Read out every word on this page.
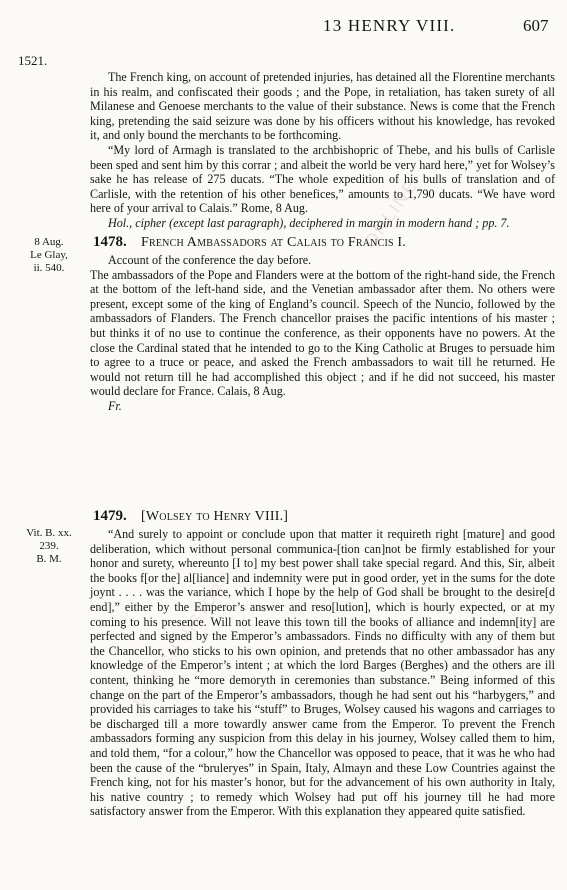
13 HENRY VIII.	607
ONLINE
BRITISH HISTORY
1521.

The French king, on account of pretended injuries, has detained all the Florentine merchants in his realm, and confiscated their goods ; and the Pope, in retaliation, has taken surety of all Milanese and Genoese merchants to the value of their substance. News is come that the French king, pretending the said seizure was done by his officers without his knowledge, has revoked it, and only bound the merchants to be forthcoming.

“My lord of Armagh is translated to the archbishopric of Thebe, and his bulls of Carlisle been sped and sent him by this corrar ; and albeit the world be very hard here,” yet for Wolsey’s sake he has release of 275 ducats. “The whole expedition of his bulls of translation and of Carlisle, with the retention of his other benefices,” amounts to 1,790 ducats. “We have word here of your arrival to Calais.” Rome, 8 Aug.

Hol., cipher (except last paragraph), deciphered in margin in modern hand ; pp. 7.

8 Aug.
Le Glay,
ii. 540.
1478. French Ambassadors at Calais to Francis I.

Account of the conference the day before.

The ambassadors of the Pope and Flanders were at the bottom of the right-hand side, the French at the bottom of the left-hand side, and the Venetian ambassador after them. No others were present, except some of the king of England’s council. Speech of the Nuncio, followed by the ambassadors of Flanders. The French chancellor praises the pacific intentions of his master ; but thinks it of no use to continue the conference, as their opponents have no powers. At the close the Cardinal stated that he intended to go to the King Catholic at Bruges to persuade him to agree to a truce or peace, and asked the French ambassadors to wait till he returned. He would not return till he had accomplished this object ; and if he did not succeed, his master would declare for France. Calais, 8 Aug.

Fr.

Vit. B. xx.
239.
B. M.
1479. [Wolsey to Henry VIII.]

“And surely to appoint or conclude upon that matter it requireth right [mature] and good deliberation, which without personal communica-[tion can]not be firmly established for your honor and surety, whereunto [I to] my best power shall take special regard. And this, Sir, albeit the books f[or the] al[liance] and indemnity were put in good order, yet in the sums for the dote joynt . . . . was the variance, which I hope by the help of God shall be brought to the desire[d end],” either by the Emperor’s answer and reso[lution], which is hourly expected, or at my coming to his presence. Will not leave this town till the books of alliance and indemn[ity] are perfected and signed by the Emperor’s ambassadors. Finds no difficulty with any of them but the Chancellor, who sticks to his own opinion, and pretends that no other ambassador has any knowledge of the Emperor’s intent ; at which the lord Barges (Berghes) and the others are ill content, thinking he “more demoryth in ceremonies than substance.” Being informed of this change on the part of the Emperor’s ambassadors, though he had sent out his “harbygers,” and provided his carriages to take his “stuff” to Bruges, Wolsey caused his wagons and carriages to be discharged till a more towardly answer came from the Emperor. To prevent the French ambassadors forming any suspicion from this delay in his journey, Wolsey called them to him, and told them, “for a colour,” how the Chancellor was opposed to peace, that it was he who had been the cause of the “bruleryes” in Spain, Italy, Almayn and these Low Countries against the French king, not for his master’s honor, but for the advancement of his own authority in Italy, his native country ; to remedy which Wolsey had put off his journey till he had more satisfactory answer from the Emperor. With this explanation they appeared quite satisfied.
